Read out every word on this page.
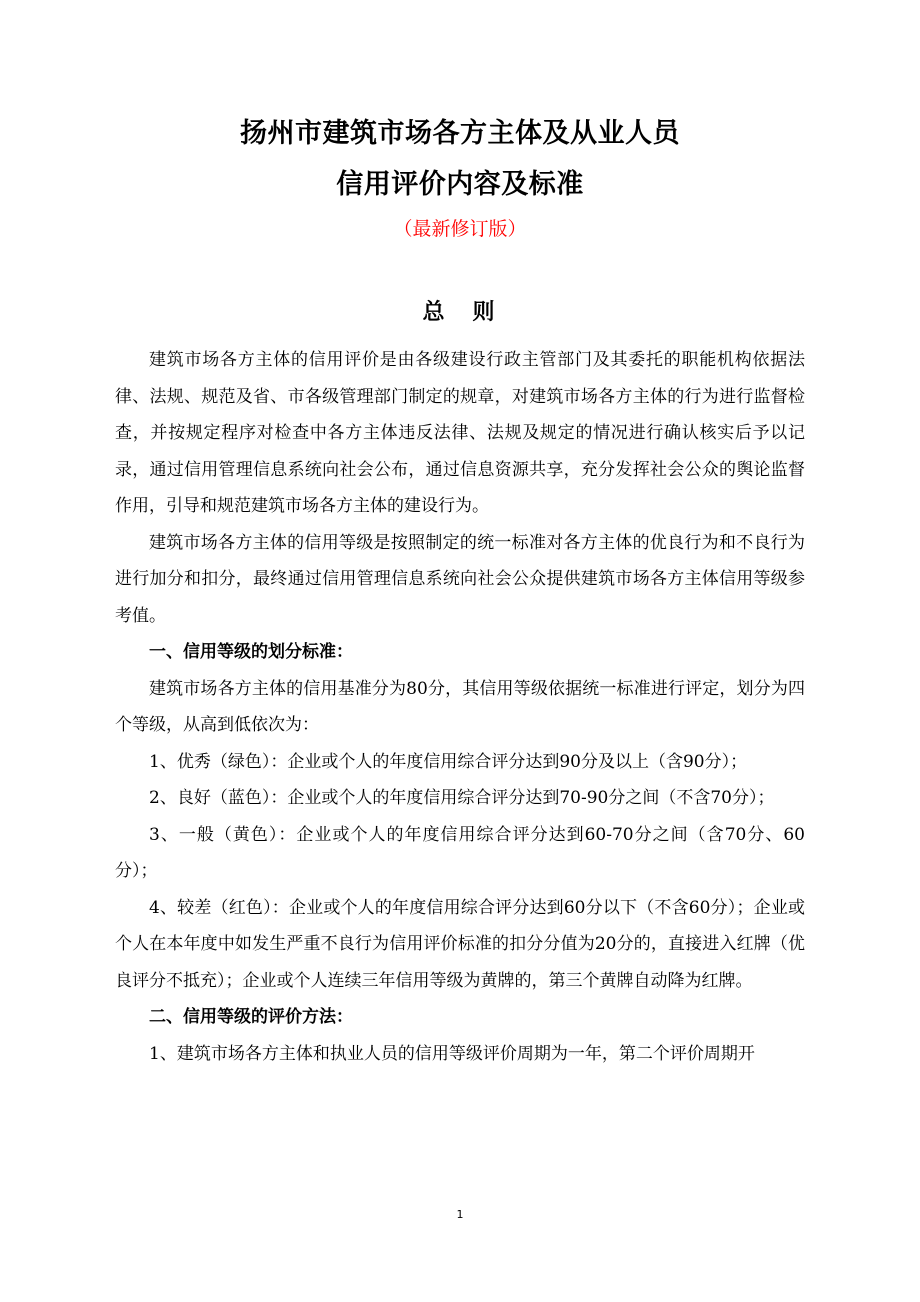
扬州市建筑市场各方主体及从业人员
信用评价内容及标准
（最新修订版）
总　则

建筑市场各方主体的信用评价是由各级建设行政主管部门及其委托的职能机构依据法律、法规、规范及省、市各级管理部门制定的规章，对建筑市场各方主体的行为进行监督检查，并按规定程序对检查中各方主体违反法律、法规及规定的情况进行确认核实后予以记录，通过信用管理信息系统向社会公布，通过信息资源共享，充分发挥社会公众的舆论监督作用，引导和规范建筑市场各方主体的建设行为。

建筑市场各方主体的信用等级是按照制定的统一标准对各方主体的优良行为和不良行为进行加分和扣分，最终通过信用管理信息系统向社会公众提供建筑市场各方主体信用等级参考值。

一、信用等级的划分标准：

建筑市场各方主体的信用基准分为80分，其信用等级依据统一标准进行评定，划分为四个等级，从高到低依次为：

1、优秀（绿色）：企业或个人的年度信用综合评分达到90分及以上（含90分）；

2、良好（蓝色）：企业或个人的年度信用综合评分达到70-90分之间（不含70分）；

3、一般（黄色）：企业或个人的年度信用综合评分达到60-70分之间（含70分、60分）；

4、较差（红色）：企业或个人的年度信用综合评分达到60分以下（不含60分）；企业或个人在本年度中如发生严重不良行为信用评价标准的扣分分值为20分的，直接进入红牌（优良评分不抵充）；企业或个人连续三年信用等级为黄牌的，第三个黄牌自动降为红牌。

二、信用等级的评价方法：

1、建筑市场各方主体和执业人员的信用等级评价周期为一年，第二个评价周期开

1
